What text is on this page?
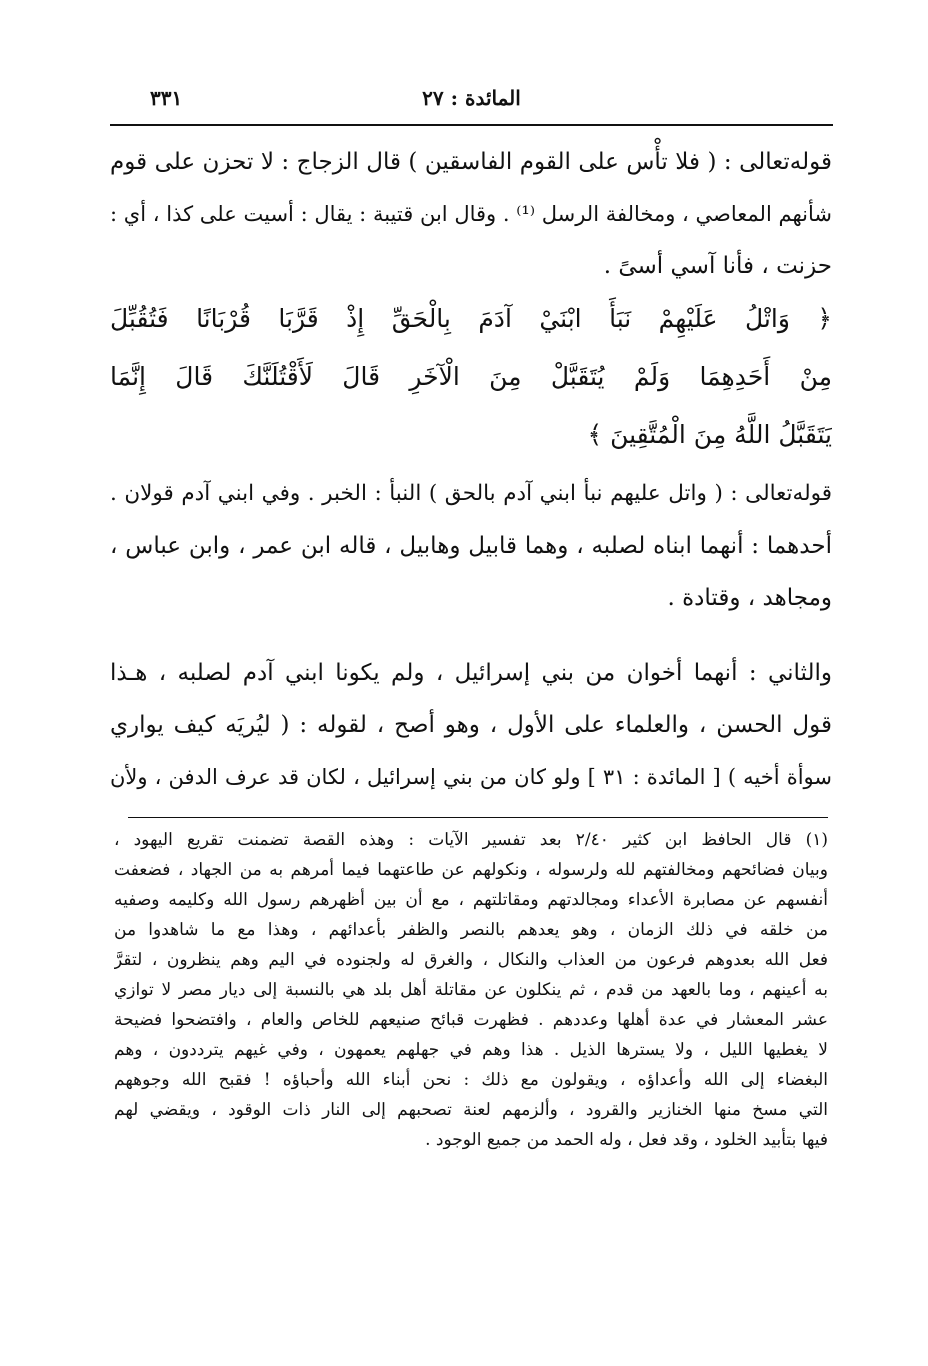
المائدة : ٢٧
٣٣١
قوله‌تعالى : ( فلا تأْس على القوم الفاسقين ) قال الزجاج : لا تحزن على قوم
شأنهم المعاصي ، ومخالفة الرسل ⁽¹⁾ . وقال ابن قتيبة : يقال : أسيت على كذا ، أي :
حزنت ، فأنا آسي أسىً .
﴿ وَاتْلُ عَلَيْهِمْ نَبَأَ ابْنَيْ آدَمَ بِالْحَقِّ إِذْ قَرَّبَا قُرْبَانًا فَتُقُبِّلَ
مِنْ أَحَدِهِمَا وَلَمْ يُتَقَبَّلْ مِنَ الْآخَرِ قَالَ لَأَقْتُلَنَّكَ قَالَ إِنَّمَا
يَتَقَبَّلُ اللَّهُ مِنَ الْمُتَّقِينَ ﴾
قوله‌تعالى : ( واتل عليهم نبأ ابني آدم بالحق ) النبأ : الخبر . وفي ابني آدم قولان .
أحدهما : أنهما ابناه لصلبه ، وهما قابيل وهابيل ، قاله ابن عمر ، وابن عباس ،
ومجاهد ، وقتادة .
والثاني : أنهما أخوان من بني إسرائيل ، ولم يكونا ابني آدم لصلبه ، هـذا
قول الحسن ، والعلماء على الأول ، وهو أصح ، لقوله : ( ليُريَه كيف يواري
سوأة أخيه ) [ المائدة : ٣١ ] ولو كان من بني إسرائيل ، لكان قد عرف الدفن ، ولأن
(١) قال الحافظ ابن كثير ٢/٤٠ بعد تفسير الآيات : وهذه القصة تضمنت تقريع اليهود ،
وبيان فضائحهم ومخالفتهم لله ولرسوله ، ونكولهم عن طاعتهما فيما أمرهم به من الجهاد ، فضعفت
أنفسهم عن مصابرة الأعداء ومجالدتهم ومقاتلتهم ، مع أن بين أظهرهم رسول الله وكليمه وصفيه
من خلقه في ذلك الزمان ، وهو يعدهم بالنصر والظفر بأعدائهم ، وهذا مع ما شاهدوا من
فعل الله بعدوهم فرعون من العذاب والنكال ، والغرق له ولجنوده في اليم وهم ينظرون ، لتقرَّ
به أعينهم ، وما بالعهد من قدم ، ثم ينكلون عن مقاتلة أهل بلد هي بالنسبة إلى ديار مصر لا توازي
عشر المعشار في عدة أهلها وعددهم . فظهرت قبائح صنيعهم للخاص والعام ، وافتضحوا فضيحة
لا يغطيها الليل ، ولا يسترها الذيل . هذا وهم في جهلهم يعمهون ، وفي غيهم يترددون ، وهم
البغضاء إلى الله وأعداؤه ، ويقولون مع ذلك : نحن أبناء الله وأحباؤه ! فقبح الله وجوههم
التي مسخ منها الخنازير والقرود ، وألزمهم لعنة تصحبهم إلى النار ذات الوقود ، ويقضي لهم
فيها بتأبيد الخلود ، وقد فعل ، وله الحمد من جميع الوجود .
